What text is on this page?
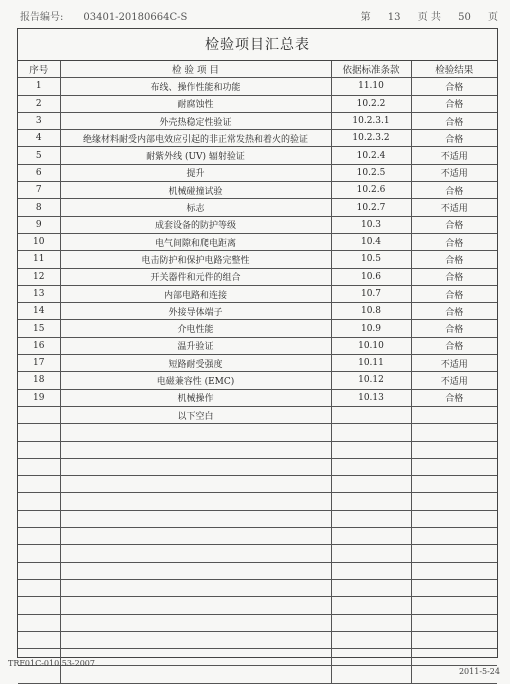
报告编号: 03401-20180664C-S	第 13 页 共 50 页
检验项目汇总表
序号	检 验 项 目	依据标准条款	检验结果
1	布线、操作性能和功能	11.10	合格
2	耐腐蚀性	10.2.2	合格
3	外壳热稳定性验证	10.2.3.1	合格
4	绝缘材料耐受内部电效应引起的非正常发热和着火的验证	10.2.3.2	合格
5	耐紫外线 (UV) 辐射验证	10.2.4	不适用
6	提升	10.2.5	不适用
7	机械碰撞试验	10.2.6	合格
8	标志	10.2.7	不适用
9	成套设备的防护等级	10.3	合格
10	电气间隙和爬电距离	10.4	合格
11	电击防护和保护电路完整性	10.5	合格
12	开关器件和元件的组合	10.6	合格
13	内部电路和连接	10.7	合格
14	外接导体端子	10.8	合格
15	介电性能	10.9	合格
16	温升验证	10.10	合格
17	短路耐受强度	10.11	不适用
18	电磁兼容性 (EMC)	10.12	不适用
19	机械操作	10.13	合格
	以下空白		

TRF01C-010.53-2007
2011-5-24
